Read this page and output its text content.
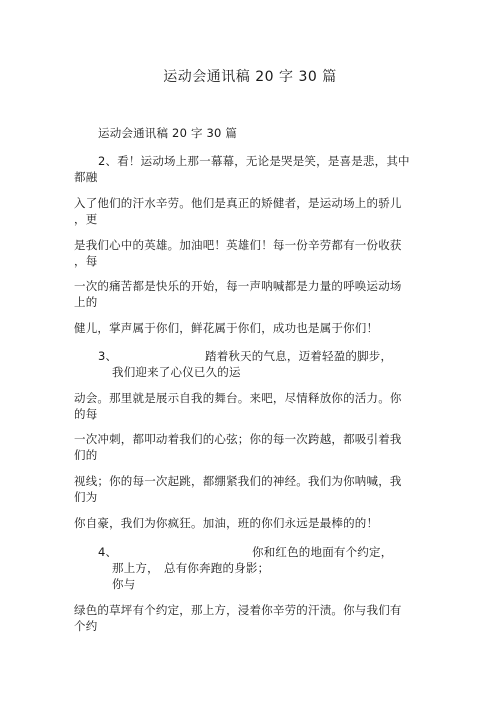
运动会通讯稿 20 字 30 篇
运动会通讯稿 20 字 30 篇
2、看！运动场上那一幕幕，无论是哭是笑，是喜是悲，其中
都融
入了他们的汗水辛劳。他们是真正的矫健者，是运动场上的骄儿
，更
是我们心中的英雄。加油吧！英雄们！每一份辛劳都有一份收获
，每
一次的痛苦都是快乐的开始，每一声呐喊都是力量的呼唤运动场
上的
健儿，掌声属于你们，鲜花属于你们，成功也是属于你们！
3、	踏着秋天的气息，迈着轻盈的脚步，
我们迎来了心仪已久的运
动会。那里就是展示自我的舞台。来吧，尽情释放你的活力。你
的每
一次冲刺，都叩动着我们的心弦；你的每一次跨越，都吸引着我
们的
视线；你的每一次起跳，都绷紧我们的神经。我们为你呐喊，我
们为
你自豪，我们为你疯狂。加油，班的你们永远是最棒的的！
4、	你和红色的地面有个约定，
那上方， 总有你奔跑的身影；
你与
绿色的草坪有个约定，那上方，浸着你辛劳的汗渍。你与我们有
个约
